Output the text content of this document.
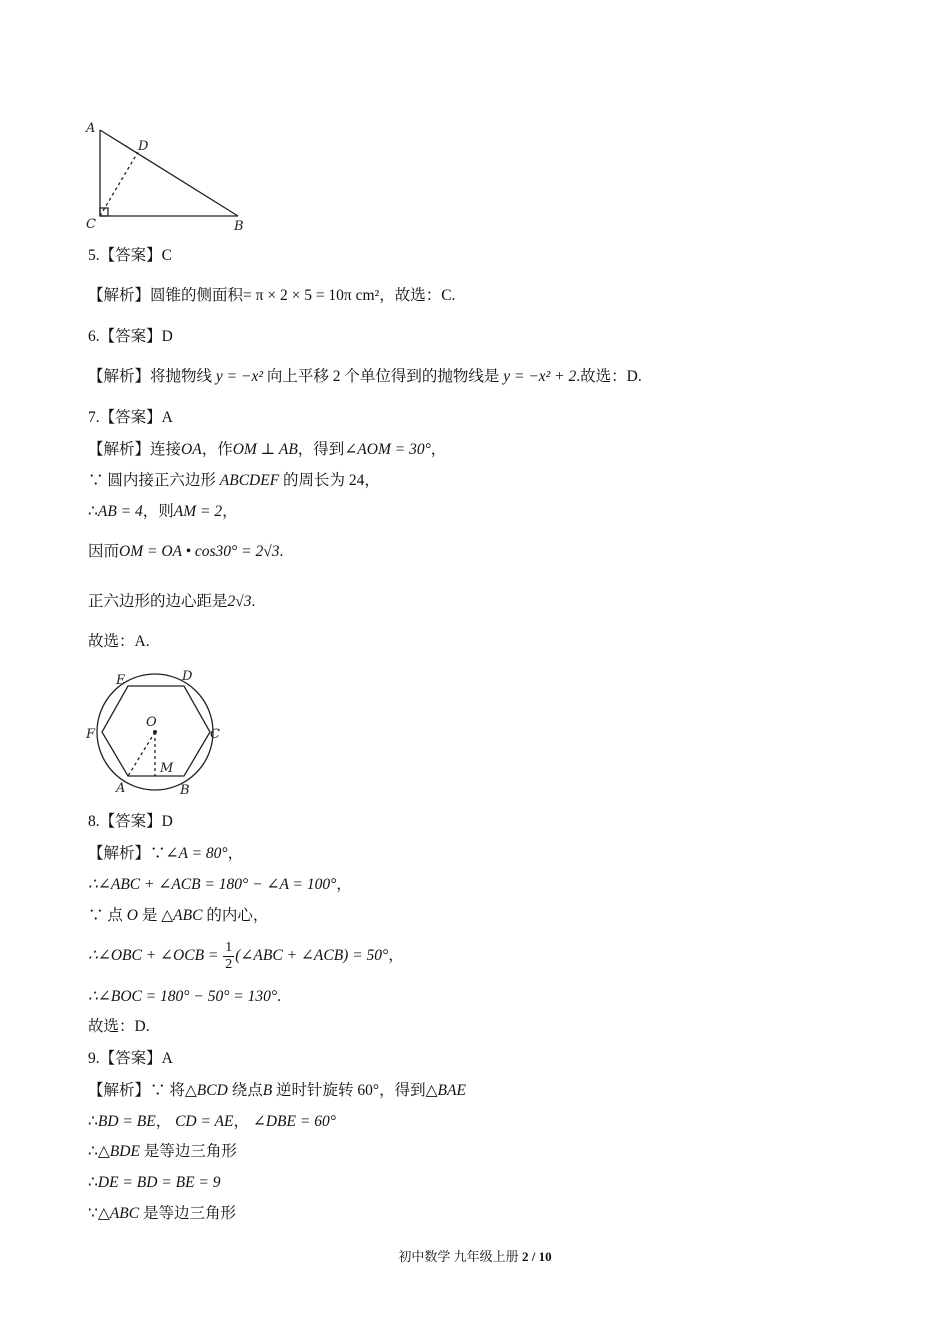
A
D
C	B
5.【答案】C
【解析】圆锥的侧面积= π × 2 × 5 = 10π cm²，故选：C.
6.【答案】D
【解析】将抛物线 y = −x² 向上平移 2 个单位得到的抛物线是 y = −x² + 2.故选：D.
7.【答案】A
【解析】连接OA，作OM ⊥ AB，得到∠AOM = 30°，
∵ 圆内接正六边形 ABCDEF 的周长为 24，
∴AB = 4，则AM = 2，
因而OM = OA • cos30° = 2√3.
正六边形的边心距是2√3.
故选：A.
E	D
F
O
C
M
A	B
8.【答案】D
【解析】∵∠A = 80°，
∴∠ABC + ∠ACB = 180° − ∠A = 100°，
∵ 点 O 是 △ABC 的内心，
∴∠OBC + ∠OCB = $\frac{1}{2}$ (∠ABC + ∠ACB) = 50°，
∴∠BOC = 180° − 50° = 130°.
故选：D.
9.【答案】A
【解析】∵ 将△BCD 绕点B 逆时针旋转 60°，得到△BAE
∴BD = BE， CD = AE， ∠DBE = 60°
∴△BDE 是等边三角形
∴DE = BD = BE = 9
∵△ABC 是等边三角形
初中数学 九年级上册 2 / 10
